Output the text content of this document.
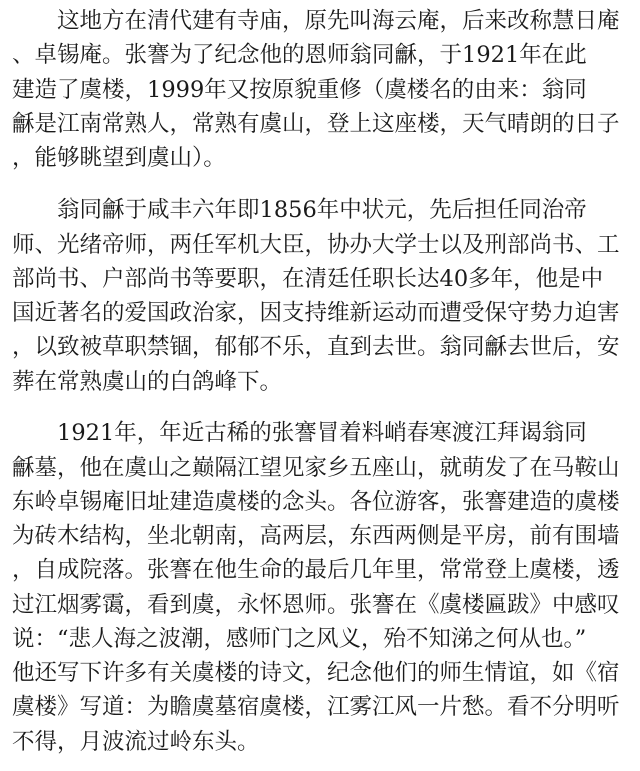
　　这地方在清代建有寺庙，原先叫海云庵，后来改称慧日庵
、卓锡庵。张謇为了纪念他的恩师翁同龢，于1921年在此
建造了虞楼，1999年又按原貌重修（虞楼名的由来：翁同
龢是江南常熟人，常熟有虞山，登上这座楼，天气晴朗的日子
，能够眺望到虞山）。
　　翁同龢于咸丰六年即1856年中状元，先后担任同治帝
师、光绪帝师，两任军机大臣，协办大学士以及刑部尚书、工
部尚书、户部尚书等要职，在清廷任职长达40多年，他是中
国近著名的爱国政治家，因支持维新运动而遭受保守势力迫害
，以致被草职禁锢，郁郁不乐，直到去世。翁同龢去世后，安
葬在常熟虞山的白鸽峰下。
　　1921年，年近古稀的张謇冒着料峭春寒渡江拜谒翁同
龢墓，他在虞山之巅隔江望见家乡五座山，就萌发了在马鞍山
东岭卓锡庵旧址建造虞楼的念头。各位游客，张謇建造的虞楼
为砖木结构，坐北朝南，高两层，东西两侧是平房，前有围墙
，自成院落。张謇在他生命的最后几年里，常常登上虞楼，透
过江烟雾霭，看到虞，永怀恩师。张謇在《虞楼匾跋》中感叹
说：“悲人海之波潮，感师门之风义，殆不知涕之何从也。”
他还写下许多有关虞楼的诗文，纪念他们的师生情谊，如《宿
虞楼》写道：为瞻虞墓宿虞楼，江雾江风一片愁。看不分明听
不得，月波流过岭东头。
